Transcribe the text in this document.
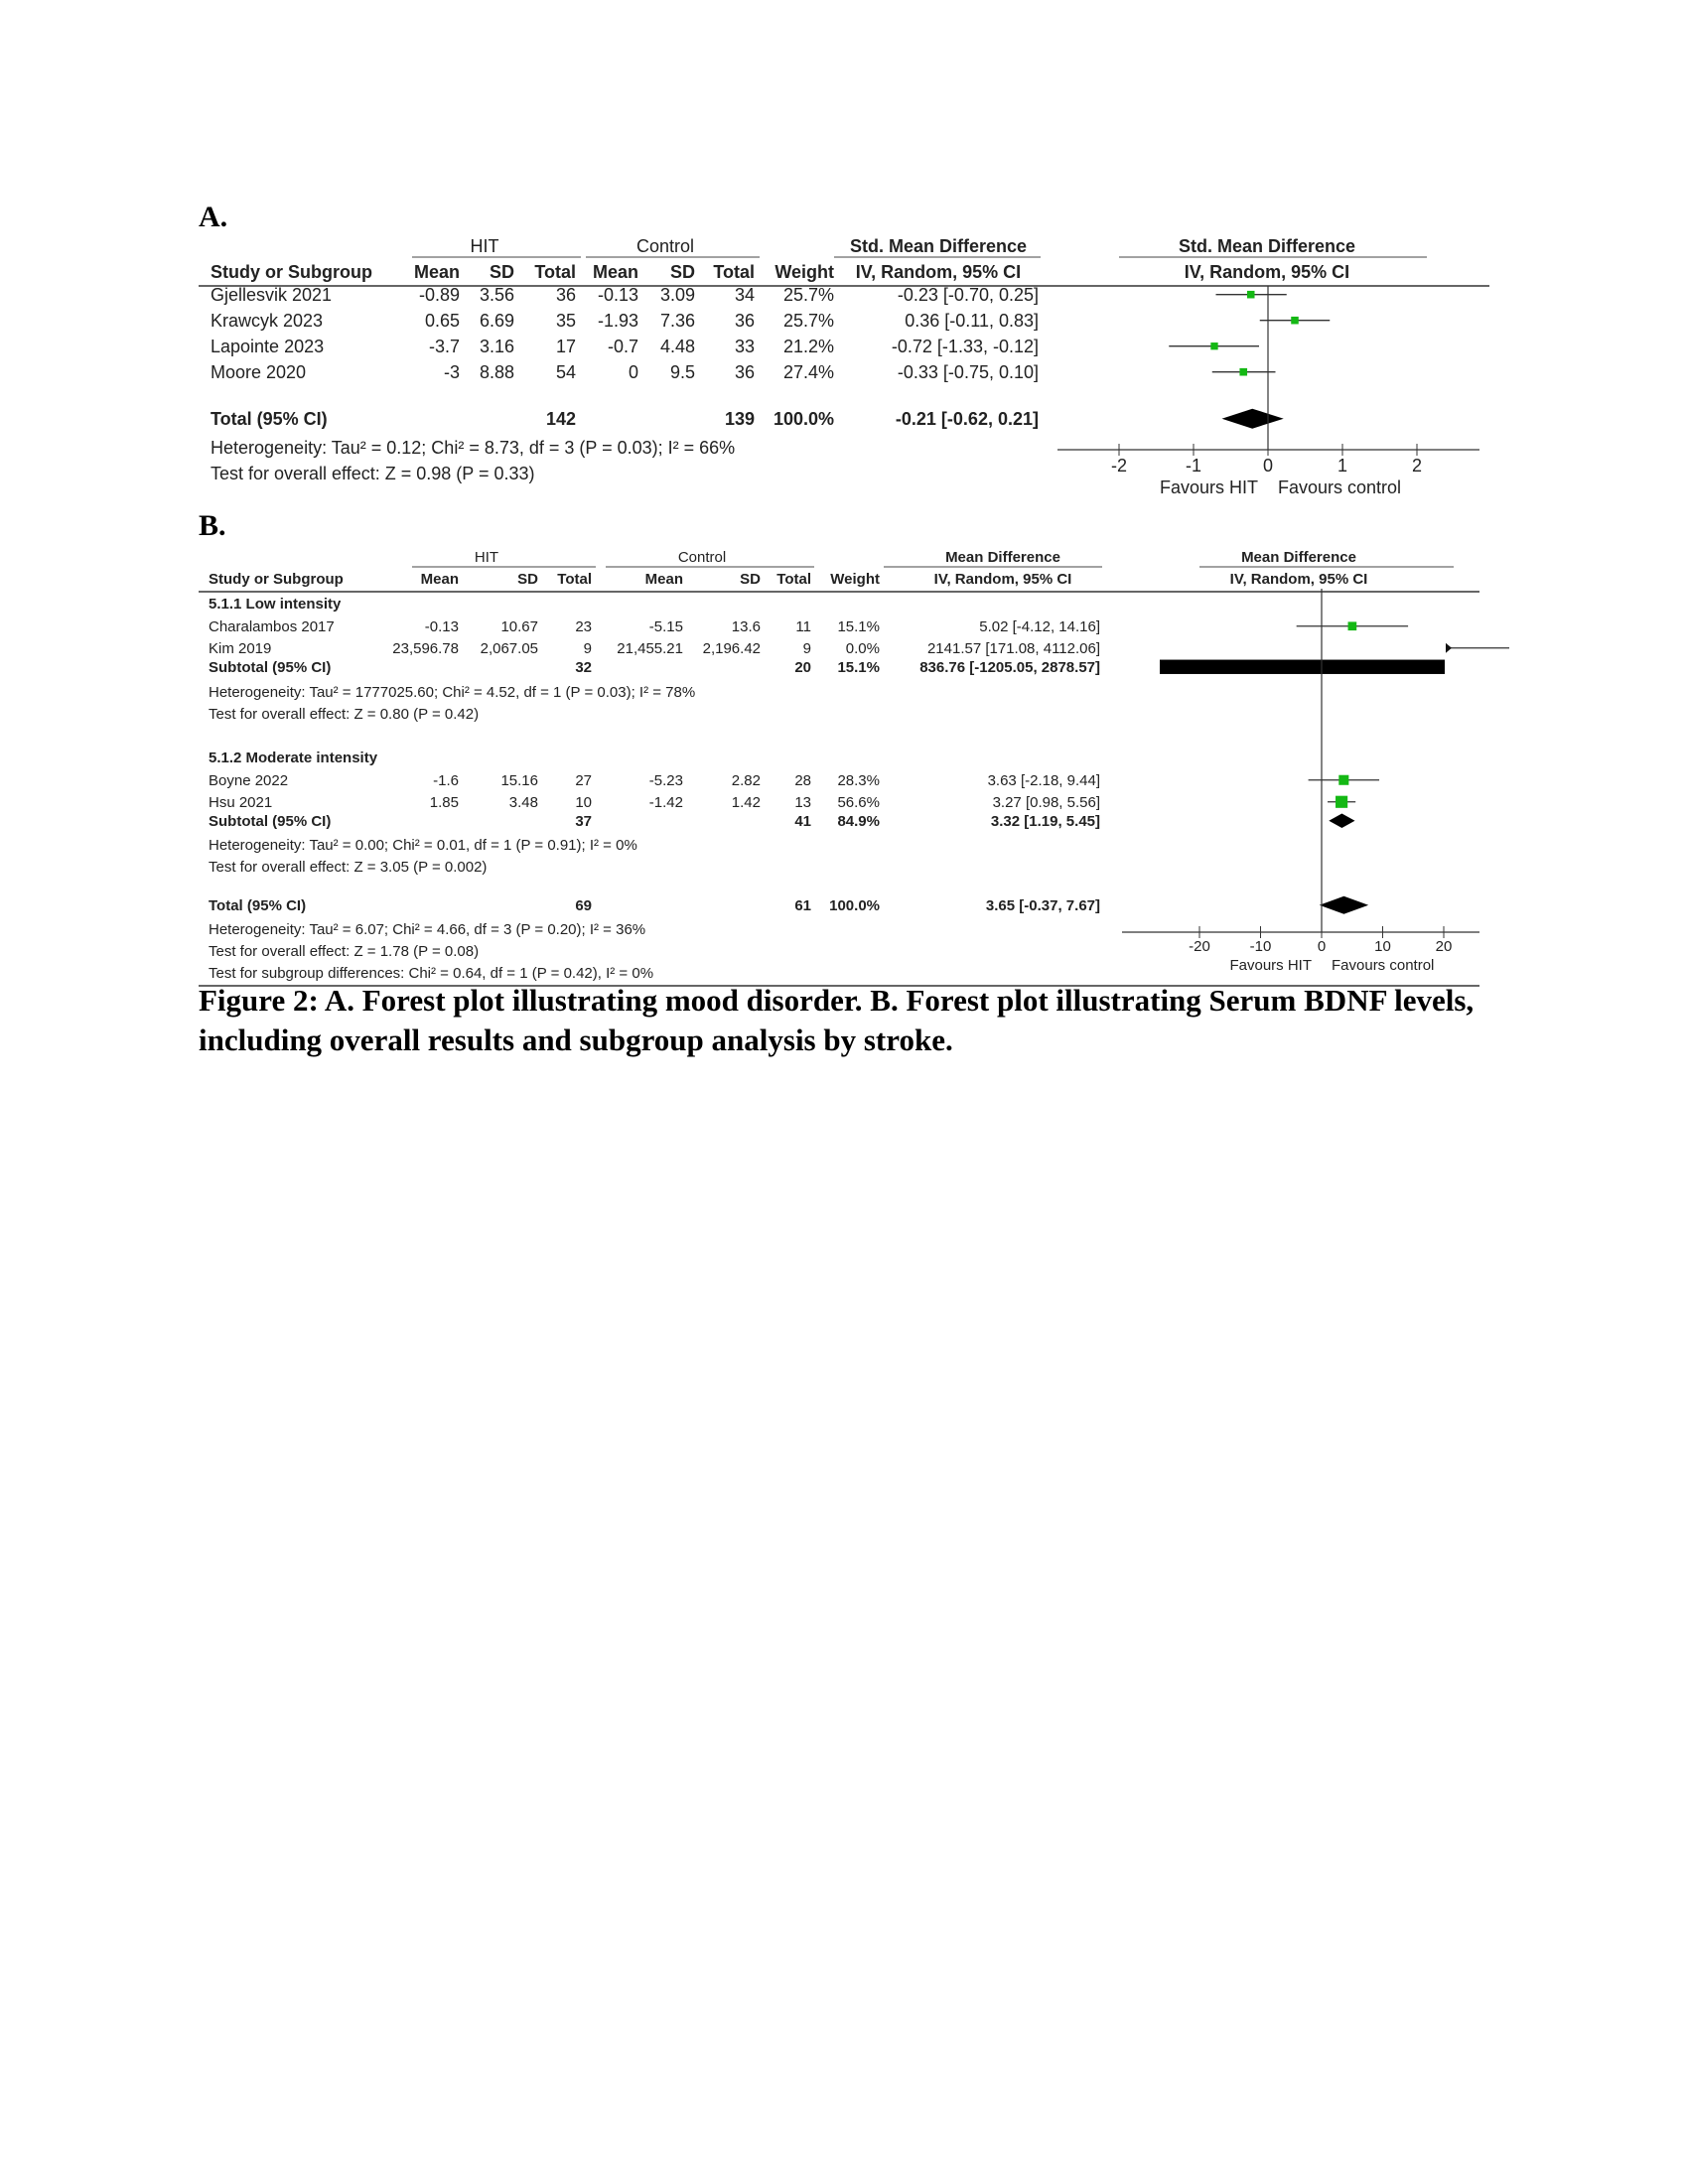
A.
HIT	Control	Std. Mean Difference
IV, Random, 95% CI
Std. Mean Difference
IV, Random, 95% CI
Study or Subgroup Mean SD Total Mean SD Total Weight
Gjellesvik 2021	-0.89 3.56 36 -0.13 3.09 34 25.7%	-0.23 [-0.70, 0.25]
Krawcyk 2023	0.65 6.69 35 -1.93 7.36 36 25.7%	0.36 [-0.11, 0.83]
Lapointe 2023	-3.7 3.16 17 -0.7 4.48 33 21.2%	-0.72 [-1.33, -0.12]
Moore 2020	-3 8.88 54	0 9.5 36 27.4%	-0.33 [-0.75, 0.10]
Total (95% CI)	142	139 100.0%	-0.21 [-0.62, 0.21]
Heterogeneity: Tau² = 0.12; Chi² = 8.73, df = 3 (P = 0.03); I² = 66%
Test for overall effect: Z = 0.98 (P = 0.33)	-2	-1	0	1	2
Favours HIT Favours control
B.
HIT	Control	Mean Difference
IV, Random, 95% CI
Mean Difference
IV, Random, 95% CI
Study or Subgroup	Mean	SD Total	Mean	SD Total Weight
5.1.1 Low intensity
Charalambos 2017	-0.13	10.67 23	-5.15	13.6 11 15.1%	5.02 [-4.12, 14.16]
Kim 2019	23,596.78 2,067.05	9 21,455.21 2,196.42	9 0.0%	2141.57 [171.08, 4112.06]
Subtotal (95% CI)	32	20 15.1%	836.76 [-1205.05, 2878.57]
Heterogeneity: Tau² = 1777025.60; Chi² = 4.52, df = 1 (P = 0.03); I² = 78%
Test for overall effect: Z = 0.80 (P = 0.42)
5.1.2 Moderate intensity
Boyne 2022	-1.6	15.16 27	-5.23	2.82 28 28.3%	3.63 [-2.18, 9.44]
Hsu 2021	1.85	3.48 10	-1.42	1.42 13 56.6%	3.27 [0.98, 5.56]
Subtotal (95% CI)	37	41 84.9%	3.32 [1.19, 5.45]
Heterogeneity: Tau² = 0.00; Chi² = 0.01, df = 1 (P = 0.91); I² = 0%
Test for overall effect: Z = 3.05 (P = 0.002)
Total (95% CI)	69	61 100.0%	3.65 [-0.37, 7.67]
Heterogeneity: Tau² = 6.07; Chi² = 4.66, df = 3 (P = 0.20); I² = 36%
Test for overall effect: Z = 1.78 (P = 0.08)
Test for subgroup differences: Chi² = 0.64, df = 1 (P = 0.42), I² = 0%
-20	-10	0	10	20
Favours HIT Favours control
Figure 2: A. Forest plot illustrating mood disorder. B. Forest plot illustrating Serum BDNF levels, including overall results and subgroup analysis by stroke.
